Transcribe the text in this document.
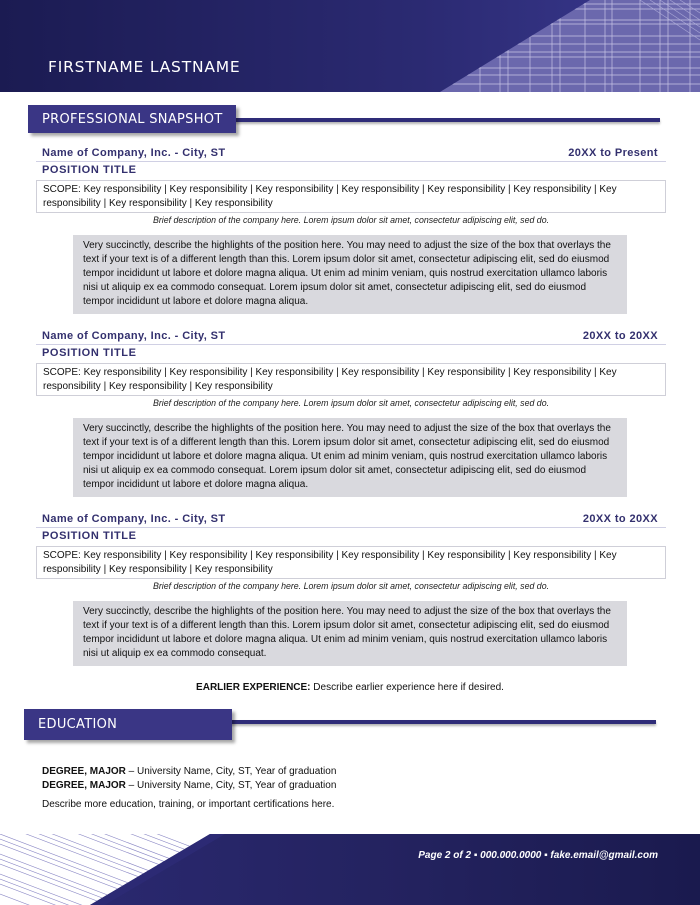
FIRSTNAME LASTNAME
PROFESSIONAL SNAPSHOT
Name of Company, Inc. - City, ST	20XX to Present
POSITION TITLE
SCOPE: Key responsibility | Key responsibility | Key responsibility | Key responsibility | Key responsibility | Key responsibility | Key responsibility | Key responsibility | Key responsibility
Brief description of the company here. Lorem ipsum dolor sit amet, consectetur adipiscing elit, sed do.
Very succinctly, describe the highlights of the position here. You may need to adjust the size of the box that overlays the text if your text is of a different length than this. Lorem ipsum dolor sit amet, consectetur adipiscing elit, sed do eiusmod tempor incididunt ut labore et dolore magna aliqua. Ut enim ad minim veniam, quis nostrud exercitation ullamco laboris nisi ut aliquip ex ea commodo consequat. Lorem ipsum dolor sit amet, consectetur adipiscing elit, sed do eiusmod tempor incididunt ut labore et dolore magna aliqua.
Name of Company, Inc. - City, ST	20XX to 20XX
POSITION TITLE
SCOPE: Key responsibility | Key responsibility | Key responsibility | Key responsibility | Key responsibility | Key responsibility | Key responsibility | Key responsibility | Key responsibility
Brief description of the company here. Lorem ipsum dolor sit amet, consectetur adipiscing elit, sed do.
Very succinctly, describe the highlights of the position here. You may need to adjust the size of the box that overlays the text if your text is of a different length than this. Lorem ipsum dolor sit amet, consectetur adipiscing elit, sed do eiusmod tempor incididunt ut labore et dolore magna aliqua. Ut enim ad minim veniam, quis nostrud exercitation ullamco laboris nisi ut aliquip ex ea commodo consequat. Lorem ipsum dolor sit amet, consectetur adipiscing elit, sed do eiusmod tempor incididunt ut labore et dolore magna aliqua.
Name of Company, Inc. - City, ST	20XX to 20XX
POSITION TITLE
SCOPE: Key responsibility | Key responsibility | Key responsibility | Key responsibility | Key responsibility | Key responsibility | Key responsibility | Key responsibility | Key responsibility
Brief description of the company here. Lorem ipsum dolor sit amet, consectetur adipiscing elit, sed do.
Very succinctly, describe the highlights of the position here. You may need to adjust the size of the box that overlays the text if your text is of a different length than this. Lorem ipsum dolor sit amet, consectetur adipiscing elit, sed do eiusmod tempor incididunt ut labore et dolore magna aliqua. Ut enim ad minim veniam, quis nostrud exercitation ullamco laboris nisi ut aliquip ex ea commodo consequat.
EARLIER EXPERIENCE: Describe earlier experience here if desired.
EDUCATION
DEGREE, MAJOR – University Name, City, ST, Year of graduation
DEGREE, MAJOR – University Name, City, ST, Year of graduation
Describe more education, training, or important certifications here.
Page 2 of 2 ▪ 000.000.0000 ▪ fake.email@gmail.com
